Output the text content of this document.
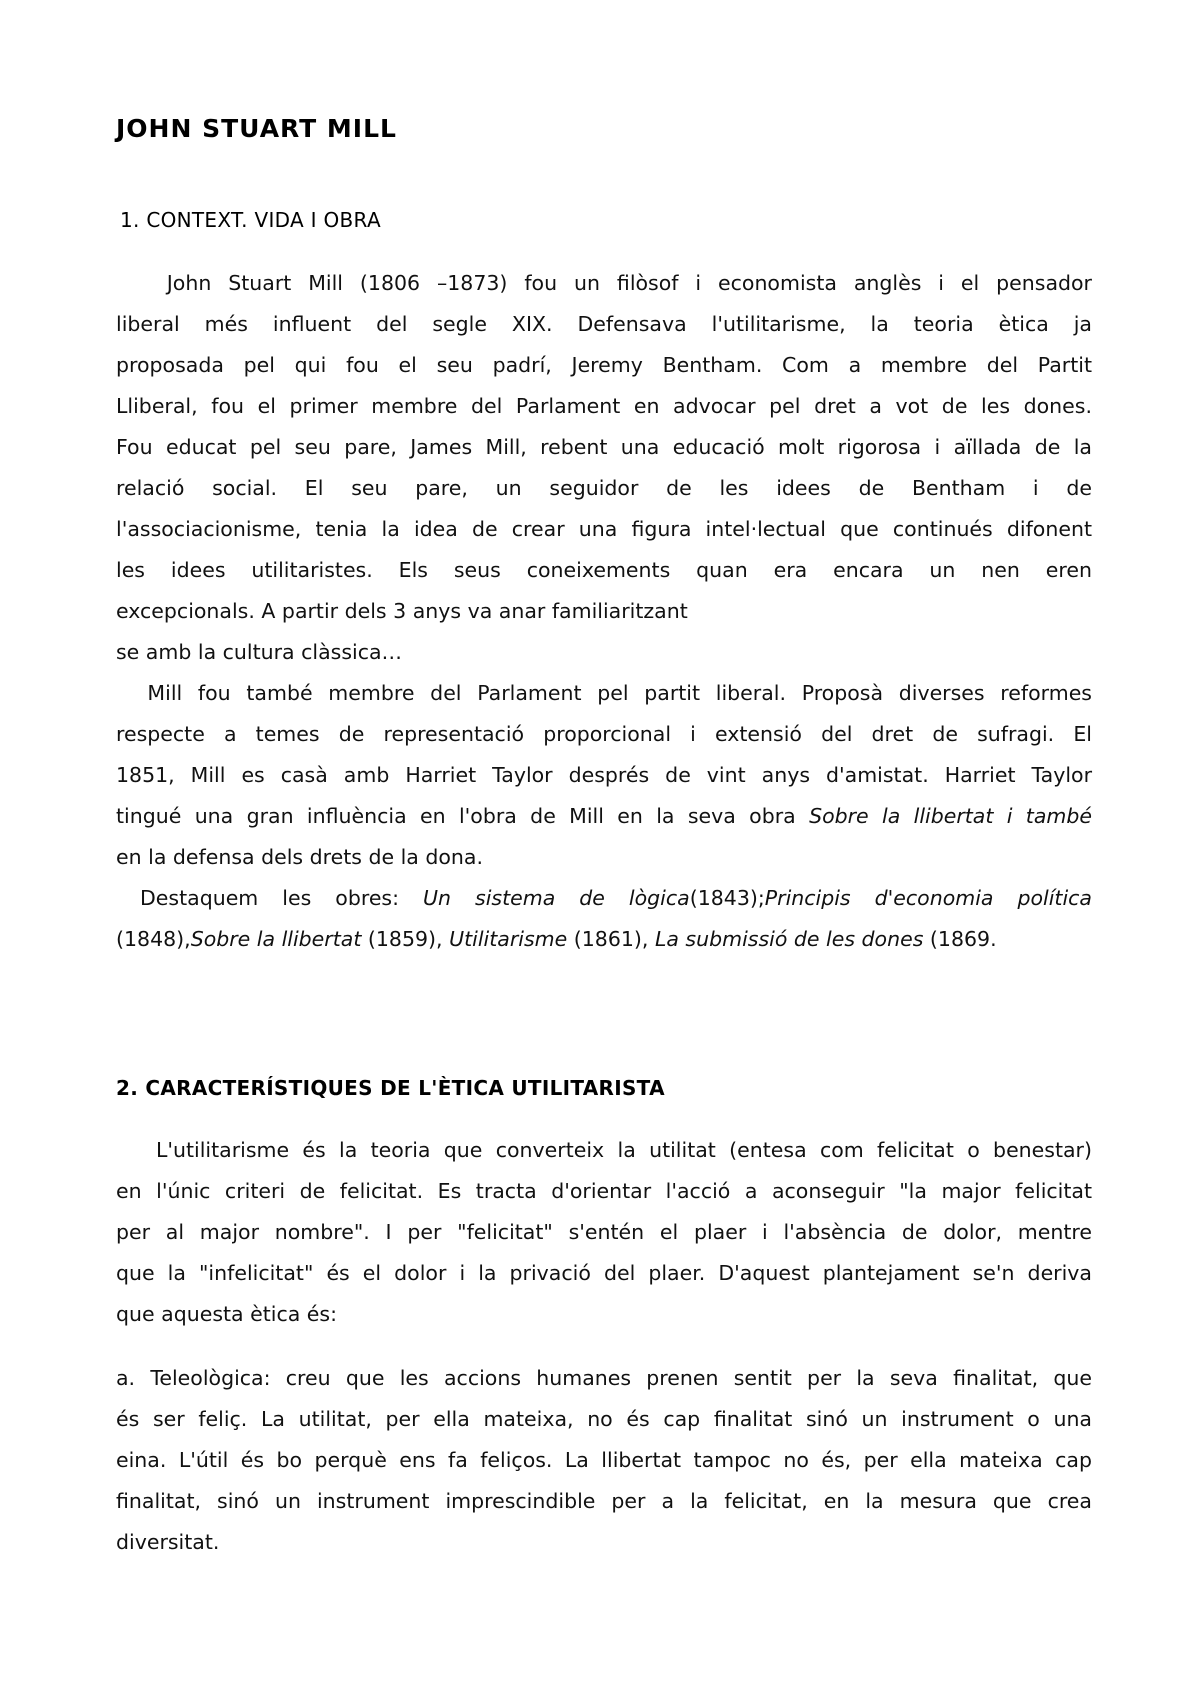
JOHN STUART MILL
1. CONTEXT. VIDA I OBRA
John Stuart Mill (1806 –1873) fou un filòsof i economista anglès i el pensador
liberal més influent del segle XIX. Defensava l'utilitarisme, la teoria ètica ja
proposada pel qui fou el seu padrí, Jeremy Bentham. Com a membre del Partit
Lliberal, fou el primer membre del Parlament en advocar pel dret a vot de les dones.
Fou educat pel seu pare, James Mill, rebent una educació molt rigorosa i aïllada de la
relació social. El seu pare, un seguidor de les idees de Bentham i de
l'associacionisme, tenia la idea de crear una figura intel·lectual que continués difonent
les idees utilitaristes. Els seus coneixements quan era encara un nen eren
excepcionals. A partir dels 3 anys va anar familiaritzant
se amb la cultura clàssica…
Mill fou també membre del Parlament pel partit liberal. Proposà diverses reformes
respecte a temes de representació proporcional i extensió del dret de sufragi. El
1851, Mill es casà amb Harriet Taylor després de vint anys d'amistat. Harriet Taylor
tingué una gran influència en l'obra de Mill en la seva obra Sobre la llibertat i també
en la defensa dels drets de la dona.
Destaquem les obres: Un sistema de lògica(1843);Principis d'economia política
(1848),Sobre la llibertat (1859), Utilitarisme (1861), La submissió de les dones (1869.
2. CARACTERÍSTIQUES DE L'ÈTICA UTILITARISTA
L'utilitarisme és la teoria que converteix la utilitat (entesa com felicitat o benestar)
en l'únic criteri de felicitat. Es tracta d'orientar l'acció a aconseguir "la major felicitat
per al major nombre". I per "felicitat" s'entén el plaer i l'absència de dolor, mentre
que la "infelicitat" és el dolor i la privació del plaer. D'aquest plantejament se'n deriva
que aquesta ètica és:
a. Teleològica: creu que les accions humanes prenen sentit per la seva finalitat, que
és ser feliç. La utilitat, per ella mateixa, no és cap finalitat sinó un instrument o una
eina. L'útil és bo perquè ens fa feliços. La llibertat tampoc no és, per ella mateixa cap
finalitat, sinó un instrument imprescindible per a la felicitat, en la mesura que crea
diversitat.
